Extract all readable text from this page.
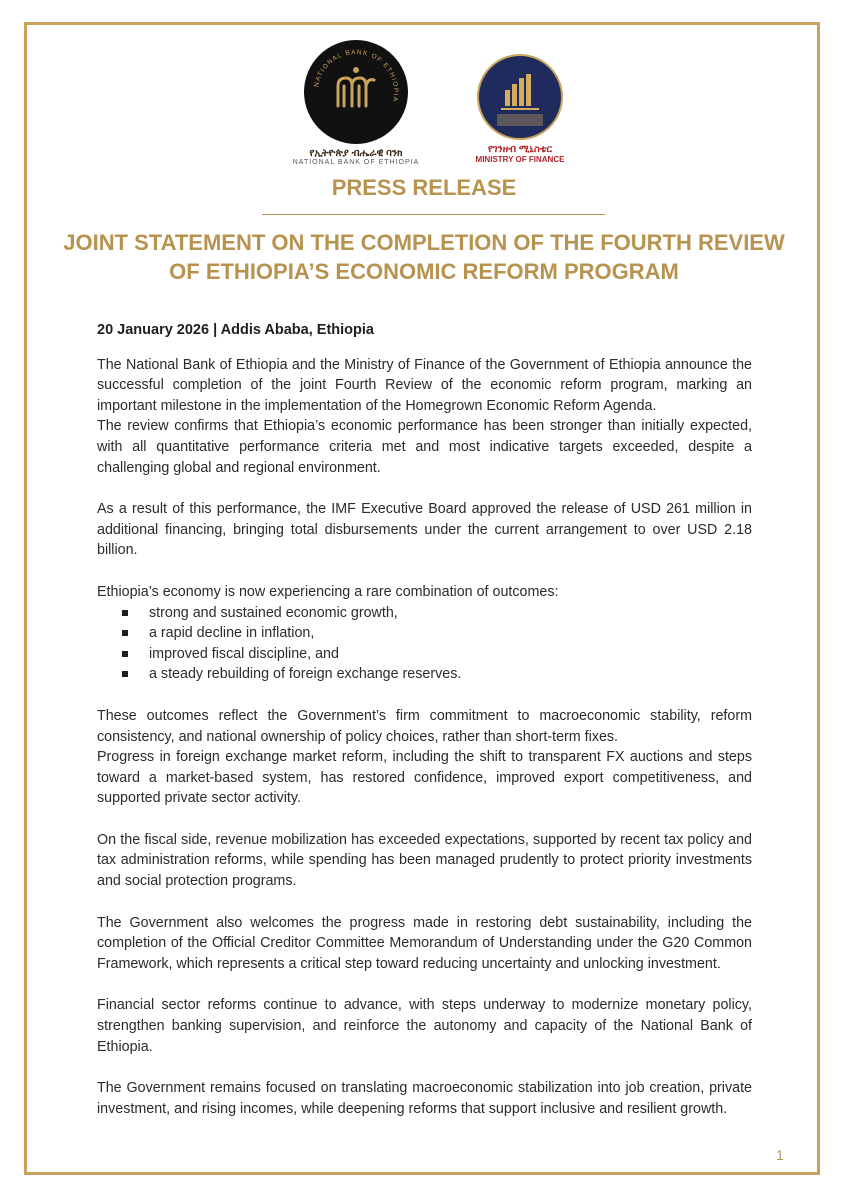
NATIONAL BANK OF ETHIOPIA
የኢትዮጵያ ብሔራዊ ባንክ
NATIONAL BANK OF ETHIOPIA
የገንዘብ ሚኒስቴር
MINISTRY OF FINANCE
PRESS RELEASE
JOINT STATEMENT ON THE COMPLETION OF THE FOURTH REVIEW OF ETHIOPIA’S ECONOMIC REFORM PROGRAM
20 January 2026 | Addis Ababa, Ethiopia

The National Bank of Ethiopia and the Ministry of Finance of the Government of Ethiopia announce the successful completion of the joint Fourth Review of the economic reform program, marking an important milestone in the implementation of the Homegrown Economic Reform Agenda.

The review confirms that Ethiopia’s economic performance has been stronger than initially expected, with all quantitative performance criteria met and most indicative targets exceeded, despite a challenging global and regional environment.

As a result of this performance, the IMF Executive Board approved the release of USD 261 million in additional financing, bringing total disbursements under the current arrangement to over USD 2.18 billion.

Ethiopia’s economy is now experiencing a rare combination of outcomes:

strong and sustained economic growth,
a rapid decline in inflation,
improved fiscal discipline, and
a steady rebuilding of foreign exchange reserves.

These outcomes reflect the Government’s firm commitment to macroeconomic stability, reform consistency, and national ownership of policy choices, rather than short-term fixes.

Progress in foreign exchange market reform, including the shift to transparent FX auctions and steps toward a market-based system, has restored confidence, improved export competitiveness, and supported private sector activity.

On the fiscal side, revenue mobilization has exceeded expectations, supported by recent tax policy and tax administration reforms, while spending has been managed prudently to protect priority investments and social protection programs.

The Government also welcomes the progress made in restoring debt sustainability, including the completion of the Official Creditor Committee Memorandum of Understanding under the G20 Common Framework, which represents a critical step toward reducing uncertainty and unlocking investment.

Financial sector reforms continue to advance, with steps underway to modernize monetary policy, strengthen banking supervision, and reinforce the autonomy and capacity of the National Bank of Ethiopia.

The Government remains focused on translating macroeconomic stabilization into job creation, private investment, and rising incomes, while deepening reforms that support inclusive and resilient growth.

1
